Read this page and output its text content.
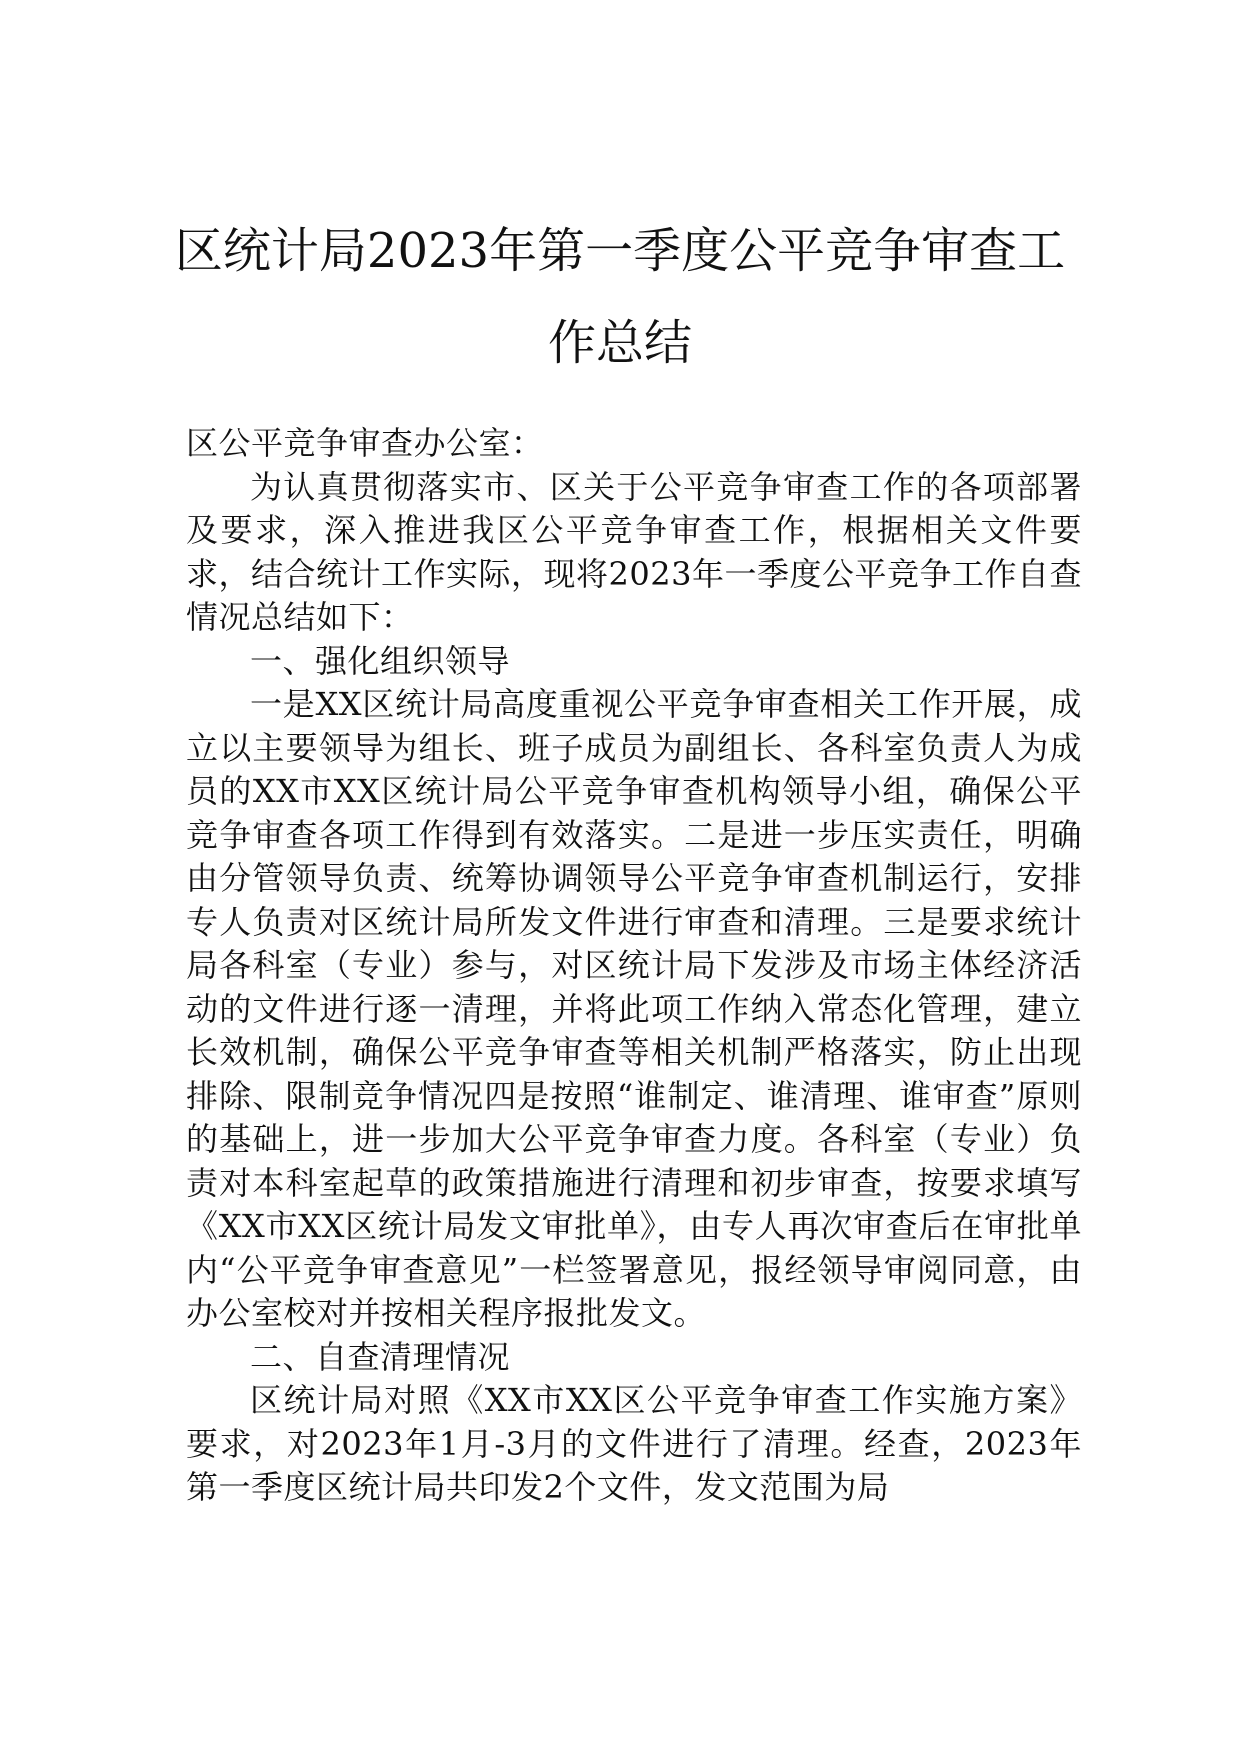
区统计局2023年第一季度公平竞争审查工
作总结

区公平竞争审查办公室：

为认真贯彻落实市、区关于公平竞争审查工作的各项部署及要求，深入推进我区公平竞争审查工作，根据相关文件要求，结合统计工作实际，现将2023年一季度公平竞争工作自查情况总结如下：

一、强化组织领导

一是XX区统计局高度重视公平竞争审查相关工作开展，成立以主要领导为组长、班子成员为副组长、各科室负责人为成员的XX市XX区统计局公平竞争审查机构领导小组，确保公平竞争审查各项工作得到有效落实。二是进一步压实责任，明确由分管领导负责、统筹协调领导公平竞争审查机制运行，安排专人负责对区统计局所发文件进行审查和清理。三是要求统计局各科室（专业）参与，对区统计局下发涉及市场主体经济活动的文件进行逐一清理，并将此项工作纳入常态化管理，建立长效机制，确保公平竞争审查等相关机制严格落实，防止出现排除、限制竞争情况四是按照“谁制定、谁清理、谁审查”原则的基础上，进一步加大公平竞争审查力度。各科室（专业）负责对本科室起草的政策措施进行清理和初步审查，按要求填写《XX市XX区统计局发文审批单》，由专人再次审查后在审批单内“公平竞争审查意见”一栏签署意见，报经领导审阅同意，由办公室校对并按相关程序报批发文。

二、自查清理情况

区统计局对照《XX市XX区公平竞争审查工作实施方案》要求，对2023年1月-3月的文件进行了清理。经查，2023年第一季度区统计局共印发2个文件，发文范围为局
